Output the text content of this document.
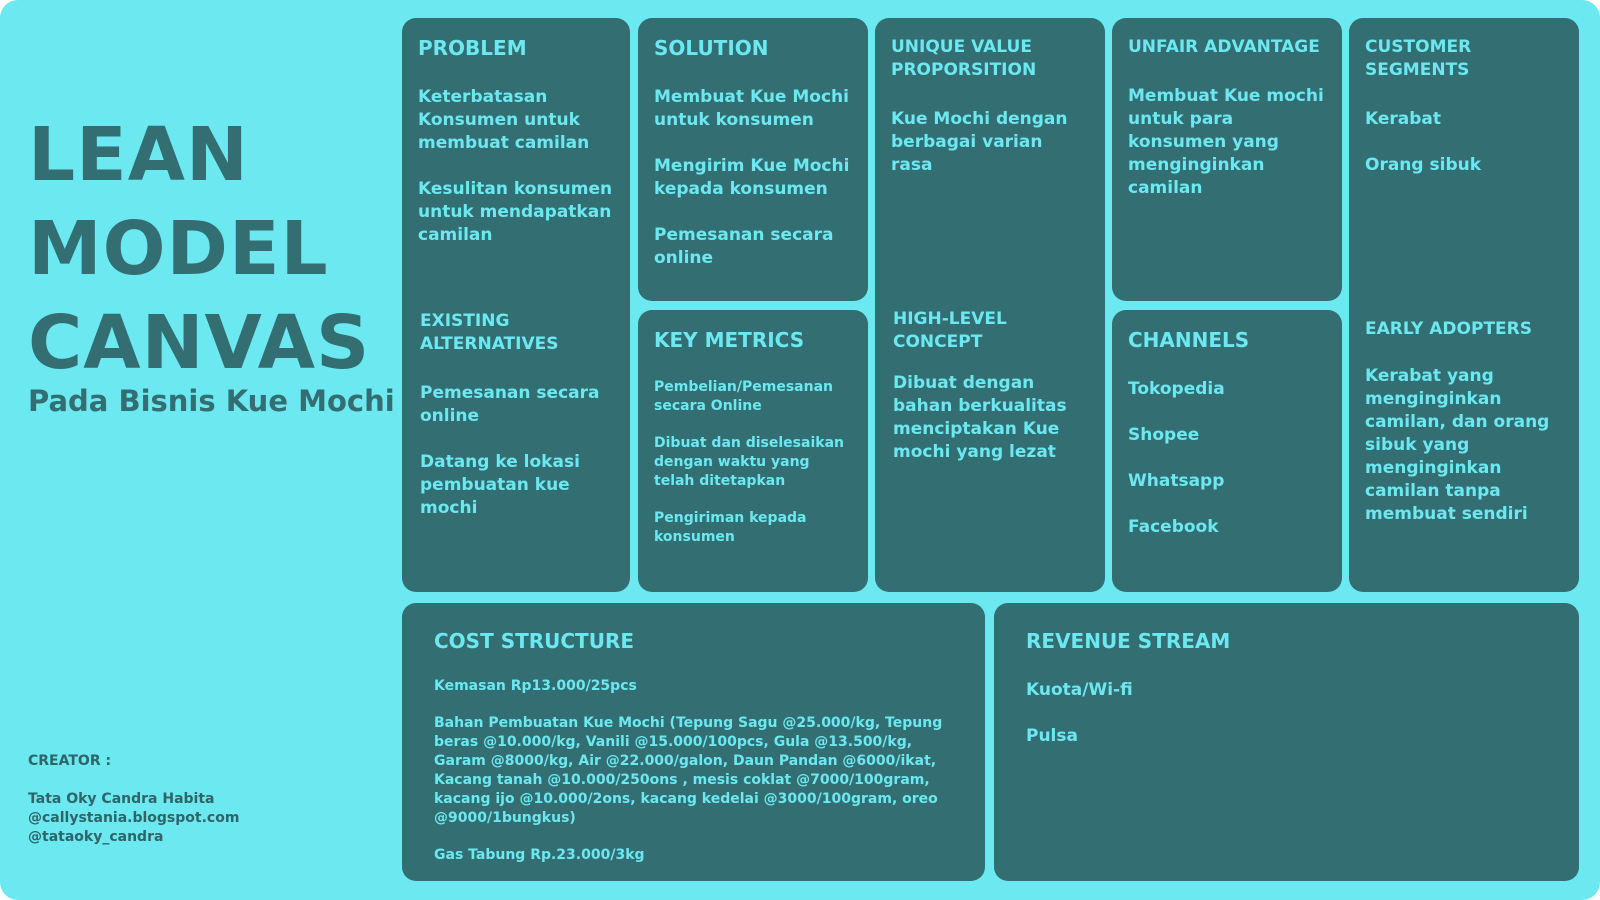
LEAN
MODEL
CANVAS
Pada Bisnis Kue Mochi
CREATOR :
Tata Oky Candra Habita
@callystania.blogspot.com
@tataoky_candra
PROBLEM
Keterbatasan Konsumen untuk membuat camilan
Kesulitan konsumen untuk mendapatkan camilan
EXISTING ALTERNATIVES
Pemesanan secara online
Datang ke lokasi pembuatan kue mochi
SOLUTION
Membuat Kue Mochi untuk konsumen
Mengirim Kue Mochi kepada konsumen
Pemesanan secara online
KEY METRICS
Pembelian/Pemesanan secara Online
Dibuat dan diselesaikan dengan waktu yang telah ditetapkan
Pengiriman kepada konsumen
UNIQUE VALUE PROPORSITION
Kue Mochi dengan berbagai varian rasa
HIGH-LEVEL CONCEPT
Dibuat dengan bahan berkualitas menciptakan Kue mochi yang lezat
UNFAIR ADVANTAGE
Membuat Kue mochi untuk para konsumen yang menginginkan camilan
CHANNELS
Tokopedia
Shopee
Whatsapp
Facebook
CUSTOMER SEGMENTS
Kerabat
Orang sibuk
EARLY ADOPTERS
Kerabat yang menginginkan camilan, dan orang sibuk yang menginginkan camilan tanpa membuat sendiri
COST STRUCTURE
Kemasan Rp13.000/25pcs
Bahan Pembuatan Kue Mochi (Tepung Sagu @25.000/kg, Tepung beras @10.000/kg, Vanili @15.000/100pcs, Gula @13.500/kg, Garam @8000/kg, Air @22.000/galon, Daun Pandan @6000/ikat, Kacang tanah @10.000/250ons , mesis coklat @7000/100gram, kacang ijo @10.000/2ons, kacang kedelai @3000/100gram, oreo @9000/1bungkus)
Gas Tabung Rp.23.000/3kg
REVENUE STREAM
Kuota/Wi-fi
Pulsa
